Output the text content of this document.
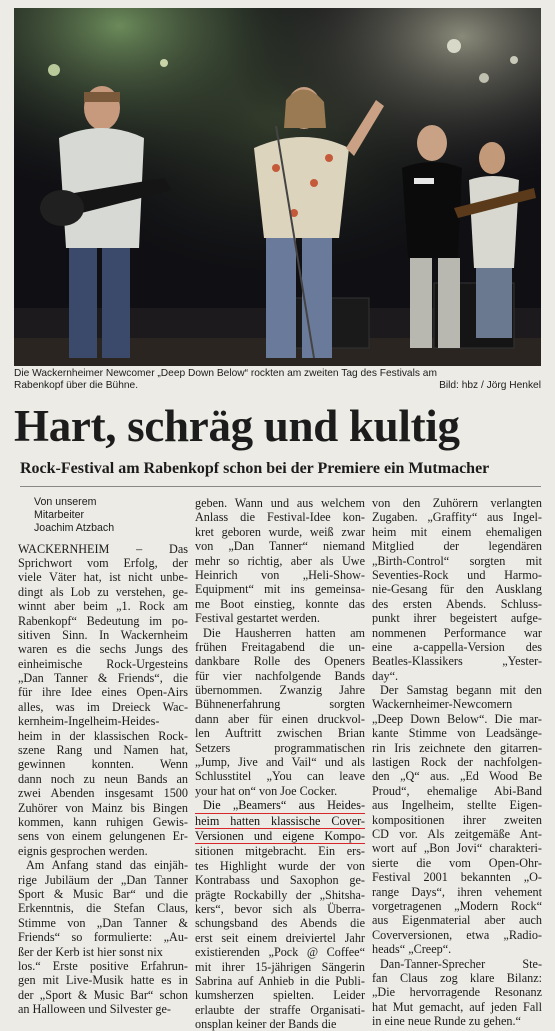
Die Wackernheimer Newcomer „Deep Down Below“ rockten am zweiten Tag des Festivals am
Rabenkopf über die Bühne.	Bild: hbz / Jörg Henkel
Hart, schräg und kultig
Rock-Festival am Rabenkopf schon bei der Premiere ein Mutmacher
Von unserem
Mitarbeiter
Joachim Atzbach
WACKERNHEIM – Das
Sprichwort vom Erfolg, der
viele Väter hat, ist nicht unbe-
dingt als Lob zu verstehen, ge-
winnt aber beim „1. Rock am
Rabenkopf“ Bedeutung im po-
sitiven Sinn. In Wackernheim
waren es die sechs Jungs des
einheimische Rock-Urgesteins
„Dan Tanner & Friends“, die
für ihre Idee eines Open-Airs
alles, was im Dreieck Wac-
kernheim-Ingelheim-Heides-
heim in der klassischen Rock-
szene Rang und Namen hat,
gewinnen konnten. Wenn
dann noch zu neun Bands an
zwei Abenden insgesamt 1500
Zuhörer von Mainz bis Bingen
kommen, kann ruhigen Gewis-
sens von einem gelungenen Er-
eignis gesprochen werden.
Am Anfang stand das einjäh-
rige Jubiläum der „Dan Tanner
Sport & Music Bar“ und die
Erkenntnis, die Stefan Claus,
Stimme von „Dan Tanner &
Friends“ so formulierte: „Au-
ßer der Kerb ist hier sonst nix
los.“ Erste positive Erfahrun-
gen mit Live-Musik hatte es in
der „Sport & Music Bar“ schon
an Halloween und Silvester ge-
geben. Wann und aus welchem
Anlass die Festival-Idee kon-
kret geboren wurde, weiß zwar
von „Dan Tanner“ niemand
mehr so richtig, aber als Uwe
Heinrich von „Heli-Show-
Equipment“ mit ins gemeinsa-
me Boot einstieg, konnte das
Festival gestartet werden.
Die Hausherren hatten am
frühen Freitagabend die un-
dankbare Rolle des Openers
für vier nachfolgende Bands
übernommen. Zwanzig Jahre
Bühnenerfahrung sorgten
dann aber für einen druckvol-
len Auftritt zwischen Brian
Setzers programmatischen
„Jump, Jive and Vail“ und als
Schlusstitel „You can leave
your hat on“ von Joe Cocker.
Die „Beamers“ aus Heides-
heim hatten klassische Cover-
Versionen und eigene Kompo-
sitionen mitgebracht. Ein ers-
tes Highlight wurde der von
Kontrabass und Saxophon ge-
prägte Rockabilly der „Shitsha-
kers“, bevor sich als Überra-
schungsband des Abends die
erst seit einem dreiviertel Jahr
existierenden „Pock @ Coffee“
mit ihrer 15-jährigen Sängerin
Sabrina auf Anhieb in die Publi-
kumsherzen spielten. Leider
erlaubte der straffe Organisati-
onsplan keiner der Bands die
von den Zuhörern verlangten
Zugaben. „Graffity“ aus Ingel-
heim mit einem ehemaligen
Mitglied der legendären
„Birth-Control“ sorgten mit
Seventies-Rock und Harmo-
nie-Gesang für den Ausklang
des ersten Abends. Schluss-
punkt ihrer begeistert aufge-
nommenen Performance war
eine a-cappella-Version des
Beatles-Klassikers „Yester-
day“.
Der Samstag begann mit den
Wackernheimer-Newcomern
„Deep Down Below“. Die mar-
kante Stimme von Leadsänge-
rin Iris zeichnete den gitarren-
lastigen Rock der nachfolgen-
den „Q“ aus. „Ed Wood Be
Proud“, ehemalige Abi-Band
aus Ingelheim, stellte Eigen-
kompositionen ihrer zweiten
CD vor. Als zeitgemäße Ant-
wort auf „Bon Jovi“ charakteri-
sierte die vom Open-Ohr-
Festival 2001 bekannten „O-
range Days“, ihren vehement
vorgetragenen „Modern Rock“
aus Eigenmaterial aber auch
Coverversionen, etwa „Radio-
heads“ „Creep“.
Dan-Tanner-Sprecher Ste-
fan Claus zog klare Bilanz:
„Die hervorragende Resonanz
hat Mut gemacht, auf jeden Fall
in eine neue Runde zu gehen.“
